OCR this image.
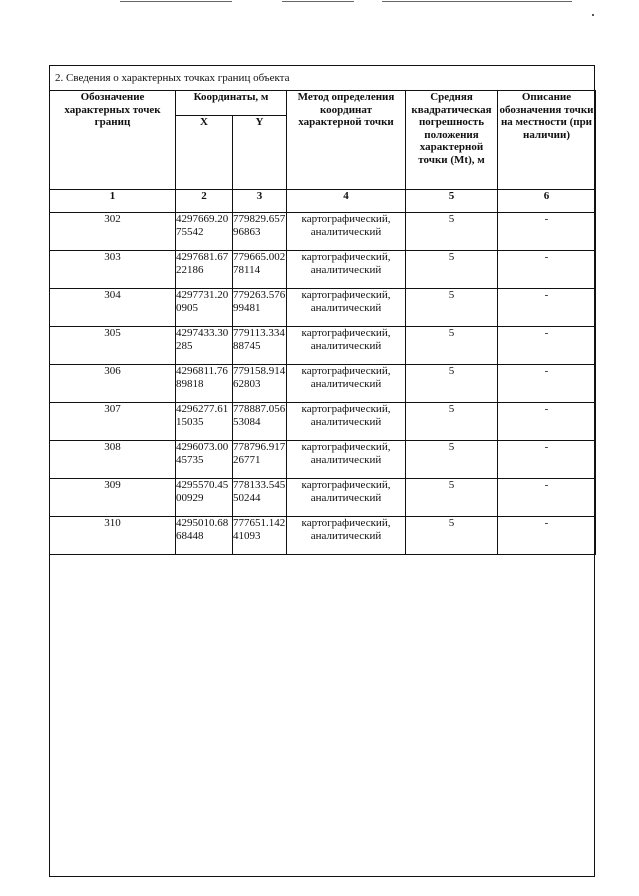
2. Сведения о характерных точках границ объекта
Обозначение характерных точек границ	Координаты, м		Метод определения координат характерной точки	Средняя квадратическая погрешность положения характерной точки (Mt), м	Описание обозначения точки на местности (при наличии)
	X	Y			
1	2	3	4	5	6
302	4297669.2075542	779829.65796863	картографический, аналитический	5	-
303	4297681.6722186	779665.00278114	картографический, аналитический	5	-
304	4297731.200905	779263.57699481	картографический, аналитический	5	-
305	4297433.30285	779113.33488745	картографический, аналитический	5	-
306	4296811.7689818	779158.91462803	картографический, аналитический	5	-
307	4296277.6115035	778887.05653084	картографический, аналитический	5	-
308	4296073.0045735	778796.91726771	картографический, аналитический	5	-
309	4295570.4500929	778133.54550244	картографический, аналитический	5	-
310	4295010.6868448	777651.14241093	картографический, аналитический	5	-
